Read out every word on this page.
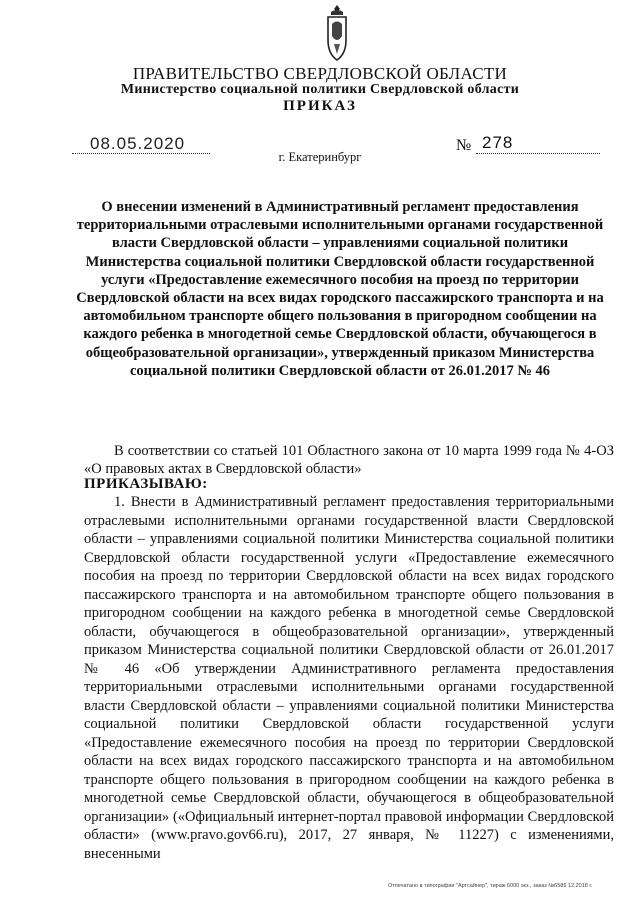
ПРАВИТЕЛЬСТВО СВЕРДЛОВСКОЙ ОБЛАСТИ
Министерство социальной политики Свердловской области
ПРИКАЗ
08.05.2020	№ 278
г. Екатеринбург
О внесении изменений в Административный регламент предоставления территориальными отраслевыми исполнительными органами государственной власти Свердловской области – управлениями социальной политики Министерства социальной политики Свердловской области государственной услуги «Предоставление ежемесячного пособия на проезд по территории Свердловской области на всех видах городского пассажирского транспорта и на автомобильном транспорте общего пользования в пригородном сообщении на каждого ребенка в многодетной семье Свердловской области, обучающегося в общеобразовательной организации», утвержденный приказом Министерства социальной политики Свердловской области от 26.01.2017 № 46
В соответствии со статьей 101 Областного закона от 10 марта 1999 года № 4-ОЗ «О правовых актах в Свердловской области»
ПРИКАЗЫВАЮ:
1. Внести в Административный регламент предоставления территориальными отраслевыми исполнительными органами государственной власти Свердловской области – управлениями социальной политики Министерства социальной политики Свердловской области государственной услуги «Предоставление ежемесячного пособия на проезд по территории Свердловской области на всех видах городского пассажирского транспорта и на автомобильном транспорте общего пользования в пригородном сообщении на каждого ребенка в многодетной семье Свердловской области, обучающегося в общеобразовательной организации», утвержденный приказом Министерства социальной политики Свердловской области от 26.01.2017 № 46 «Об утверждении Административного регламента предоставления территориальными отраслевыми исполнительными органами государственной власти Свердловской области – управлениями социальной политики Министерства социальной политики Свердловской области государственной услуги «Предоставление ежемесячного пособия на проезд по территории Свердловской области на всех видах городского пассажирского транспорта и на автомобильном транспорте общего пользования в пригородном сообщении на каждого ребенка в многодетной семье Свердловской области, обучающегося в общеобразовательной организации» («Официальный интернет-портал правовой информации Свердловской области» (www.pravo.gov66.ru), 2017, 27 января, № 11227) с изменениями, внесенными
Отпечатано в типографии "Артсайнер", тираж 6000 экз., заказ №6586 12.2018 г.
